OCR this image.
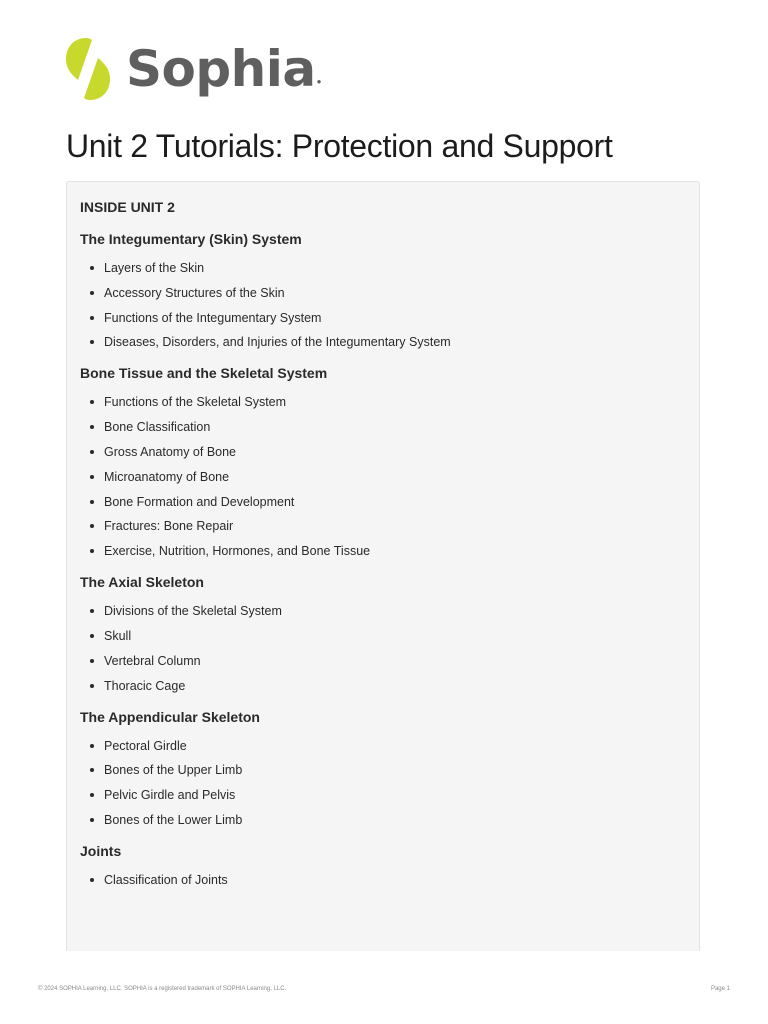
Sophia ●
Unit 2 Tutorials: Protection and Support
INSIDE UNIT 2
The Integumentary (Skin) System
Layers of the Skin
Accessory Structures of the Skin
Functions of the Integumentary System
Diseases, Disorders, and Injuries of the Integumentary System
Bone Tissue and the Skeletal System
Functions of the Skeletal System
Bone Classification
Gross Anatomy of Bone
Microanatomy of Bone
Bone Formation and Development
Fractures: Bone Repair
Exercise, Nutrition, Hormones, and Bone Tissue
The Axial Skeleton
Divisions of the Skeletal System
Skull
Vertebral Column
Thoracic Cage
The Appendicular Skeleton
Pectoral Girdle
Bones of the Upper Limb
Pelvic Girdle and Pelvis
Bones of the Lower Limb
Joints
Classification of Joints
© 2024 SOPHIA Learning, LLC. SOPHIA is a registered trademark of SOPHIA Learning, LLC.	Page 1
